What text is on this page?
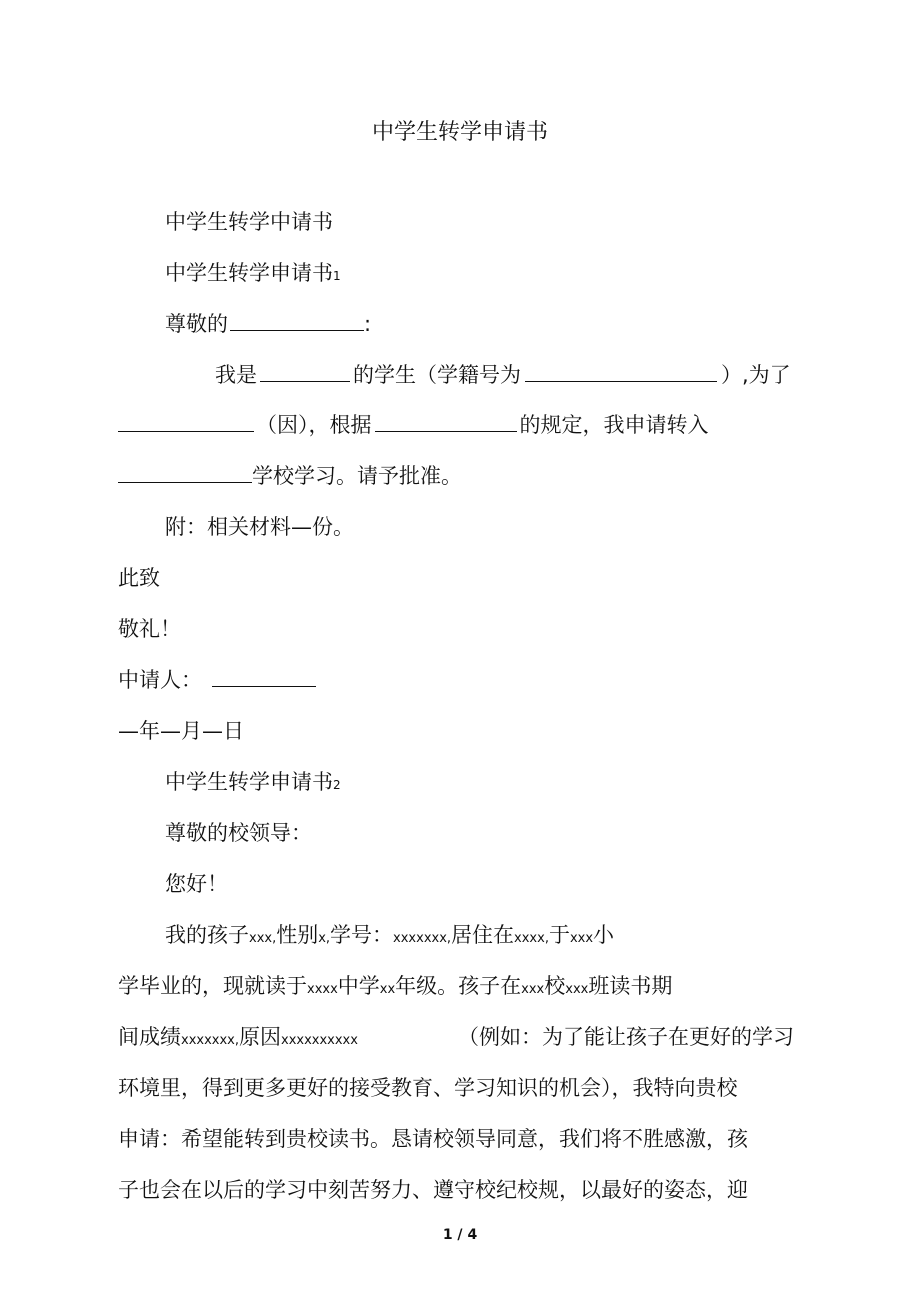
中学生转学申请书
中学生转学中请书
中学生转学申请书1
尊敬的	:
我是	的学生（学籍号为	）,为了
（因），根据	的规定，我申请转入
学校学习。请予批准。
附：相关材料—份。
此致
敬礼！
中请人：
—年—月—日
中学生转学申请书2
尊敬的校领导：
您好！
我的孩子xxx,性别x,学号：xxxxxxx,居住在xxxx,于xxx小
学毕业的，现就读于xxxx中学xx年级。孩子在xxx校xxx班读书期
间成绩xxxxxxx,原因xxxxxxxxxx	（例如：为了能让孩子在更好的学习
环境里，得到更多更好的接受教育、学习知识的机会），我特向贵校
申请：希望能转到贵校读书。恳请校领导同意，我们将不胜感激，孩
子也会在以后的学习中刻苦努力、遵守校纪校规，以最好的姿态，迎
1 / 4
